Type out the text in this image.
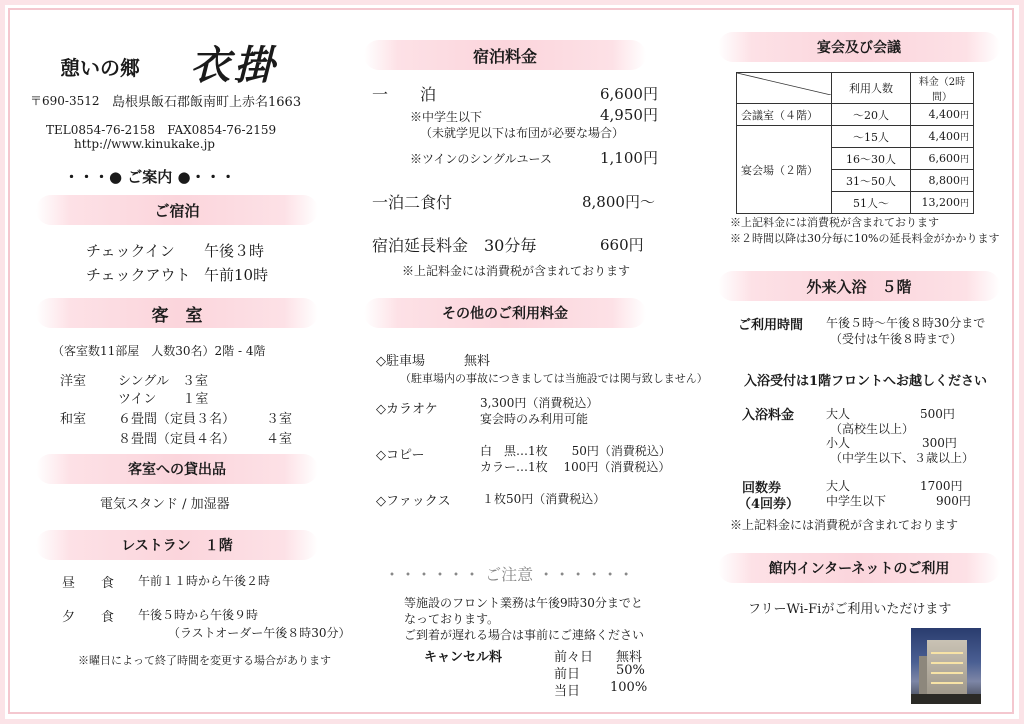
憩いの郷 衣掛
〒690-3512 島根県飯石郡飯南町上赤名1663
TEL0854-76-2158　FAX0854-76-2159
http://www.kinukake.jp
・・・● ご案内 ●・・・
ご宿泊
チェックイン 午後３時
チェックアウト 午前10時
客　室
（客室数11部屋　人数30名）2階 - 4階
洋室 シングル　３室
ツイン　　１室
和室 ６畳間（定員３名） ３室
８畳間（定員４名） ４室
客室への貸出品
電気スタンド / 加湿器
レストラン　１階
昼　　食 午前１１時から午後２時
夕　　食 午後５時から午後９時
（ラストオーダー午後８時30分）
※曜日によって終了時間を変更する場合があります
宿泊料金
一　　泊	6,600円
※中学生以下	4,950円
（未就学児以下は布団が必要な場合）
※ツインのシングルユース	1,100円
一泊二食付	8,800円～
宿泊延長料金　30分毎	660円
※上記料金には消費税が含まれております
その他のご利用料金
◇駐車場	無料
（駐車場内の事故につきましては当施設では関与致しません）
◇カラオケ	3,300円（消費税込）
宴会時のみ利用可能
◇コピー	白　黒…1枚　　50円（消費税込）
カラー…1枚　 100円（消費税込）
◇ファックス	１枚50円（消費税込）
・・・・・・ ご注意 ・・・・・・
等施設のフロント業務は午後9時30分までと
なっております。
ご到着が遅れる場合は事前にご連絡ください
キャンセル料	前々日 無料
前日	50%
当日 100%
宴会及び会議
	利用人数	料金（2時間）
会議室（４階）	～20人	4,400円
宴会場（２階）	～15人	4,400円
	16～30人	6,600円
	31～50人	8,800円
	51人～	13,200円
※上記料金には消費税が含まれております
※２時間以降は30分毎に10%の延長料金がかかります
外来入浴　５階
ご利用時間 午後５時～午後８時30分まで
（受付は午後８時まで）
入浴受付は1階フロントへお越しください
入浴料金	大人	500円
（高校生以上）
小人	300円
（中学生以下、３歳以上）
回数券
（4回券）
大人	1700円
中学生以下	900円
※上記料金には消費税が含まれております
館内インターネットのご利用
フリーWi-Fiがご利用いただけます
